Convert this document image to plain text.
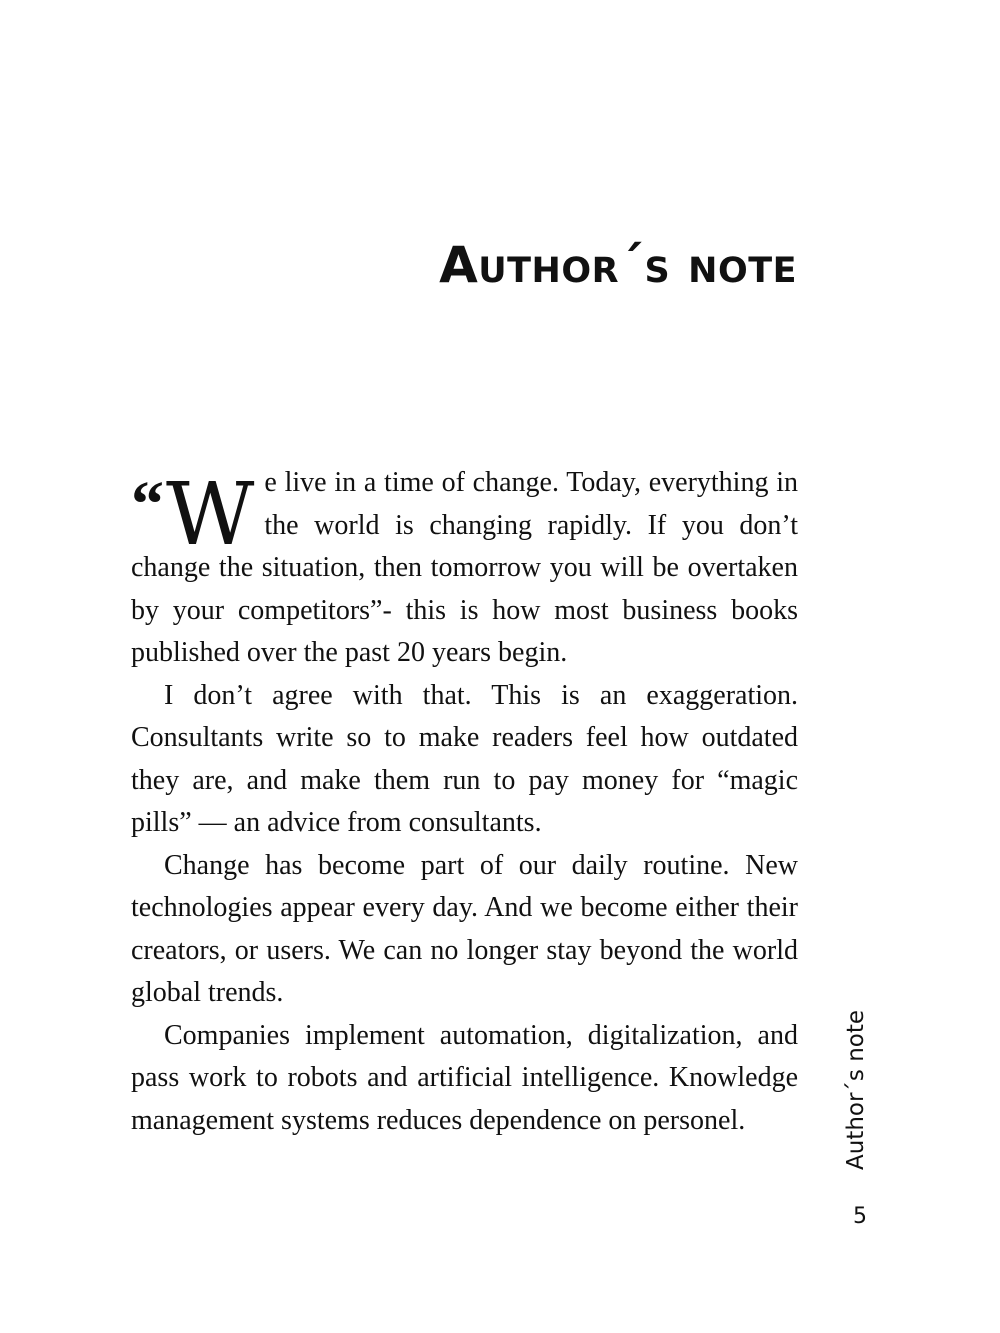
Author´s note

“W e live in a time of change. Today, everything in the world is changing rapidly. If you don’t change the situation, then tomorrow you will be overtaken by your competitors”- this is how most business books published over the past 20 years begin.

I don’t agree with that. This is an exaggeration. Consultants write so to make readers feel how outdated they are, and make them run to pay money for “magic pills” — an advice from consultants.

Change has become part of our daily routine. New technologies appear every day. And we become either their creators, or users. We can no longer stay beyond the world global trends.

Companies implement automation, digitalization, and pass work to robots and artificial intelligence. Knowledge management systems reduces dependence on personel.	Author´s note
5
